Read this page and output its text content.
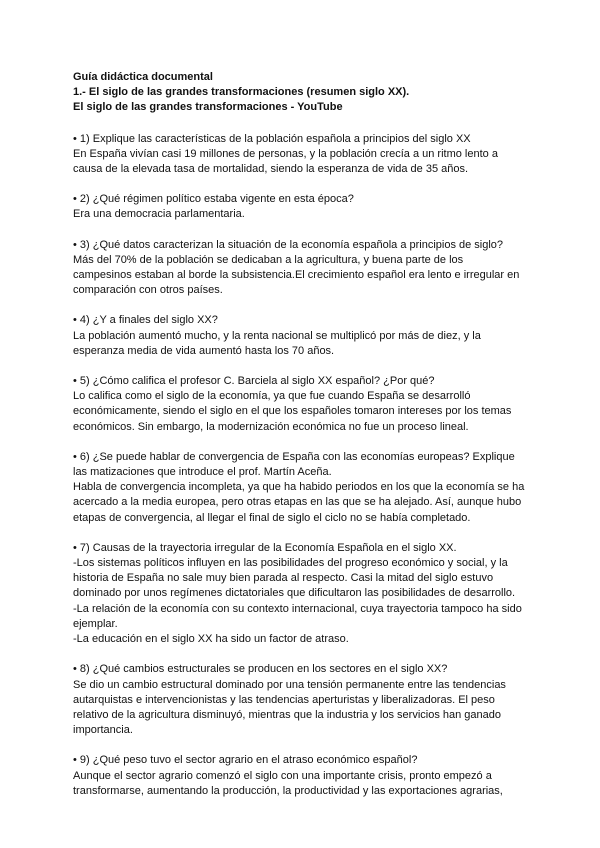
Guía didáctica documental
1.- El siglo de las grandes transformaciones (resumen siglo XX).
El siglo de las grandes transformaciones - YouTube
• 1) Explique las características de la población española a principios del siglo XX
En España vivían casi 19 millones de personas, y la población crecía a un ritmo lento a
causa de la elevada tasa de mortalidad, siendo la esperanza de vida de 35 años.
• 2) ¿Qué régimen político estaba vigente en esta época?
Era una democracia parlamentaria.
• 3) ¿Qué datos caracterizan la situación de la economía española a principios de siglo?
Más del 70% de la población se dedicaban a la agricultura, y buena parte de los
campesinos estaban al borde la subsistencia.El crecimiento español era lento e irregular en
comparación con otros países.
• 4) ¿Y a finales del siglo XX?
La población aumentó mucho, y la renta nacional se multiplicó por más de diez, y la
esperanza media de vida aumentó hasta los 70 años.
• 5) ¿Cómo califica el profesor C. Barciela al siglo XX español? ¿Por qué?
Lo califica como el siglo de la economía, ya que fue cuando España se desarrolló
económicamente, siendo el siglo en el que los españoles tomaron intereses por los temas
económicos. Sin embargo, la modernización económica no fue un proceso lineal.
• 6) ¿Se puede hablar de convergencia de España con las economías europeas? Explique
las matizaciones que introduce el prof. Martín Aceña.
Habla de convergencia incompleta, ya que ha habido periodos en los que la economía se ha
acercado a la media europea, pero otras etapas en las que se ha alejado. Así, aunque hubo
etapas de convergencia, al llegar el final de siglo el ciclo no se había completado.
• 7) Causas de la trayectoria irregular de la Economía Española en el siglo XX.
-Los sistemas políticos influyen en las posibilidades del progreso económico y social, y la
historia de España no sale muy bien parada al respecto. Casi la mitad del siglo estuvo
dominado por unos regímenes dictatoriales que dificultaron las posibilidades de desarrollo.
-La relación de la economía con su contexto internacional, cuya trayectoria tampoco ha sido
ejemplar.
-La educación en el siglo XX ha sido un factor de atraso.
• 8) ¿Qué cambios estructurales se producen en los sectores en el siglo XX?
Se dio un cambio estructural dominado por una tensión permanente entre las tendencias
autarquistas e intervencionistas y las tendencias aperturistas y liberalizadoras. El peso
relativo de la agricultura disminuyó, mientras que la industria y los servicios han ganado
importancia.
• 9) ¿Qué peso tuvo el sector agrario en el atraso económico español?
Aunque el sector agrario comenzó el siglo con una importante crisis, pronto empezó a
transformarse, aumentando la producción, la productividad y las exportaciones agrarias,
